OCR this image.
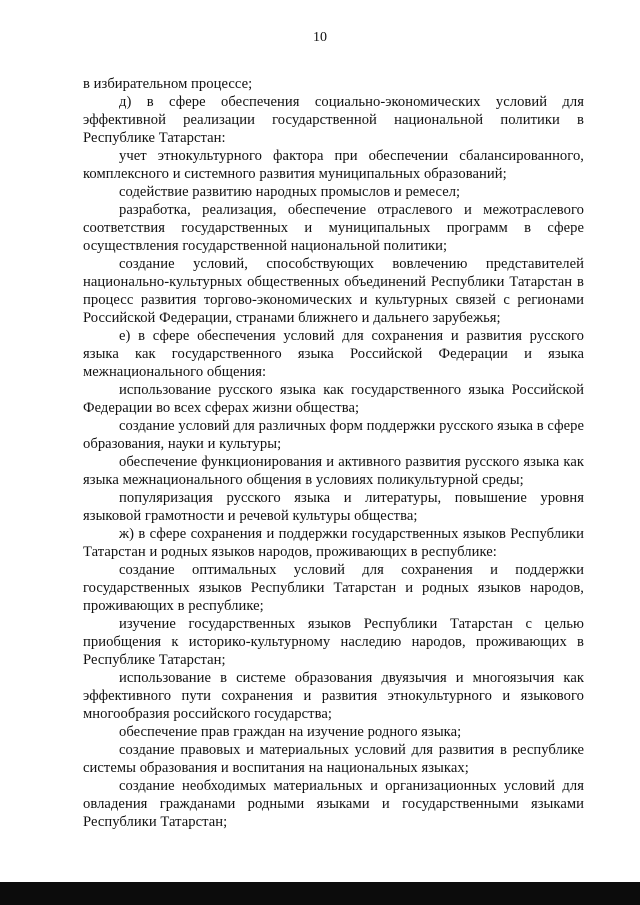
10

в избирательном процессе;

д) в сфере обеспечения социально-экономических условий для эффективной реализации государственной национальной политики в Республике Татарстан:

учет этнокультурного фактора при обеспечении сбалансированного, комплексного и системного развития муниципальных образований;

содействие развитию народных промыслов и ремесел;

разработка, реализация, обеспечение отраслевого и межотраслевого соответствия государственных и муниципальных программ в сфере осуществления государственной национальной политики;

создание условий, способствующих вовлечению представителей национально-культурных общественных объединений Республики Татарстан в процесс развития торгово-экономических и культурных связей с регионами Российской Федерации, странами ближнего и дальнего зарубежья;

е) в сфере обеспечения условий для сохранения и развития русского языка как государственного языка Российской Федерации и языка межнационального общения:

использование русского языка как государственного языка Российской Федерации во всех сферах жизни общества;

создание условий для различных форм поддержки русского языка в сфере образования, науки и культуры;

обеспечение функционирования и активного развития русского языка как языка межнационального общения в условиях поликультурной среды;

популяризация русского языка и литературы, повышение уровня языковой грамотности и речевой культуры общества;

ж) в сфере сохранения и поддержки государственных языков Республики Татарстан и родных языков народов, проживающих в республике:

создание оптимальных условий для сохранения и поддержки государственных языков Республики Татарстан и родных языков народов, проживающих в республике;

изучение государственных языков Республики Татарстан с целью приобщения к историко-культурному наследию народов, проживающих в Республике Татарстан;

использование в системе образования двуязычия и многоязычия как эффективного пути сохранения и развития этнокультурного и языкового многообразия российского государства;

обеспечение прав граждан на изучение родного языка;

создание правовых и материальных условий для развития в республике системы образования и воспитания на национальных языках;

создание необходимых материальных и организационных условий для овладения гражданами родными языками и государственными языками Республики Татарстан;
